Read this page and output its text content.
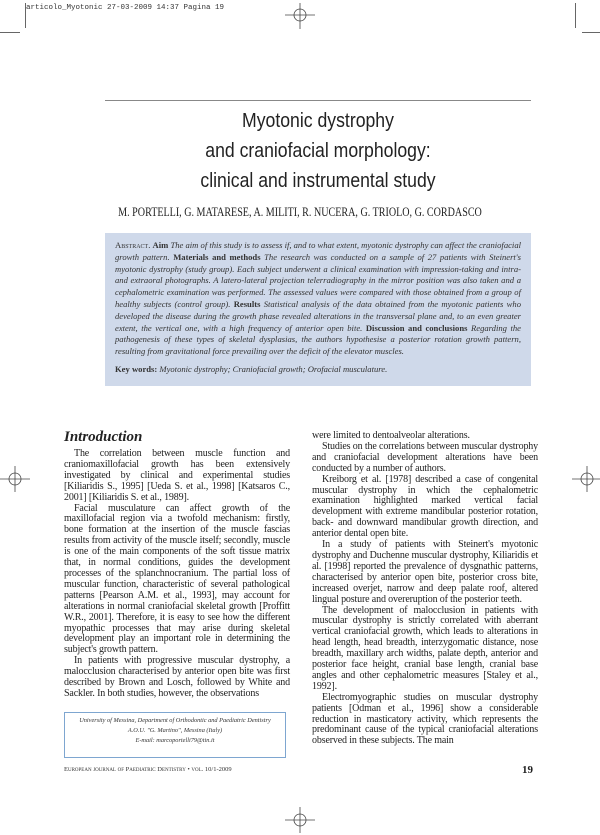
articolo_Myotonic 27-03-2009 14:37 Pagina 19
Myotonic dystrophy
and craniofacial morphology:
clinical and instrumental study
M. PORTELLI, G. MATARESE, A. MILITI, R. NUCERA, G. TRIOLO, G. CORDASCO
Abstract. Aim The aim of this study is to assess if, and to what extent, myotonic dystrophy can affect the craniofacial growth pattern. Materials and methods The research was conducted on a sample of 27 patients with Steinert's myotonic dystrophy (study group). Each subject underwent a clinical examination with impression-taking and intra- and extraoral photographs. A latero-lateral projection telerradiography in the mirror position was also taken and a cephalometric examination was performed. The assessed values were compared with those obtained from a group of healthy subjects (control group). Results Statistical analysis of the data obtained from the myotonic patients who developed the disease during the growth phase revealed alterations in the transversal plane and, to an even greater extent, the vertical one, with a high frequency of anterior open bite. Discussion and conclusions Regarding the pathogenesis of these types of skeletal dysplasias, the authors hypothesise a posterior rotation growth pattern, resulting from gravitational force prevailing over the deficit of the elevator muscles.
Key words: Myotonic dystrophy; Craniofacial growth; Orofacial musculature.
Introduction

The correlation between muscle function and craniomaxillofacial growth has been extensively investigated by clinical and experimental studies [Kiliaridis S., 1995] [Ueda S. et al., 1998] [Katsaros C., 2001] [Kiliaridis S. et al., 1989].

Facial musculature can affect growth of the maxillofacial region via a twofold mechanism: firstly, bone formation at the insertion of the muscle fascias results from activity of the muscle itself; secondly, muscle is one of the main components of the soft tissue matrix that, in normal conditions, guides the development processes of the splanchnocranium. The partial loss of muscular function, characteristic of several pathological patterns [Pearson A.M. et al., 1993], may account for alterations in normal craniofacial skeletal growth [Proffitt W.R., 2001]. Therefore, it is easy to see how the different myopathic processes that may arise during skeletal development play an important role in determining the subject's growth pattern.

In patients with progressive muscular dystrophy, a malocclusion characterised by anterior open bite was first described by Brown and Losch, followed by White and Sackler. In both studies, however, the observations

were limited to dentoalveolar alterations.

Studies on the correlations between muscular dystrophy and craniofacial development alterations have been conducted by a number of authors.

Kreiborg et al. [1978] described a case of congenital muscular dystrophy in which the cephalometric examination highlighted marked vertical facial development with extreme mandibular posterior rotation, back- and downward mandibular growth direction, and anterior dental open bite.

In a study of patients with Steinert's myotonic dystrophy and Duchenne muscular dystrophy, Kiliaridis et al. [1998] reported the prevalence of dysgnathic patterns, characterised by anterior open bite, posterior cross bite, increased overjet, narrow and deep palate roof, altered lingual posture and overeruption of the posterior teeth.

The development of malocclusion in patients with muscular dystrophy is strictly correlated with aberrant vertical craniofacial growth, which leads to alterations in head length, head breadth, interzygomatic distance, nose breadth, maxillary arch widths, palate depth, anterior and posterior face height, cranial base length, cranial base angles and other cephalometric measures [Staley et al., 1992].

Electromyographic studies on muscular dystrophy patients [Odman et al., 1996] show a considerable reduction in masticatory activity, which represents the predominant cause of the typical craniofacial alterations observed in these subjects. The main

University of Messina, Department of Orthodontic and Paediatric Dentistry
A.O.U. "G. Martino", Messina (Italy)
E-mail: marcoportelli79@tin.it
European journal of Paediatric Dentistry • vol. 10/1-2009	19
